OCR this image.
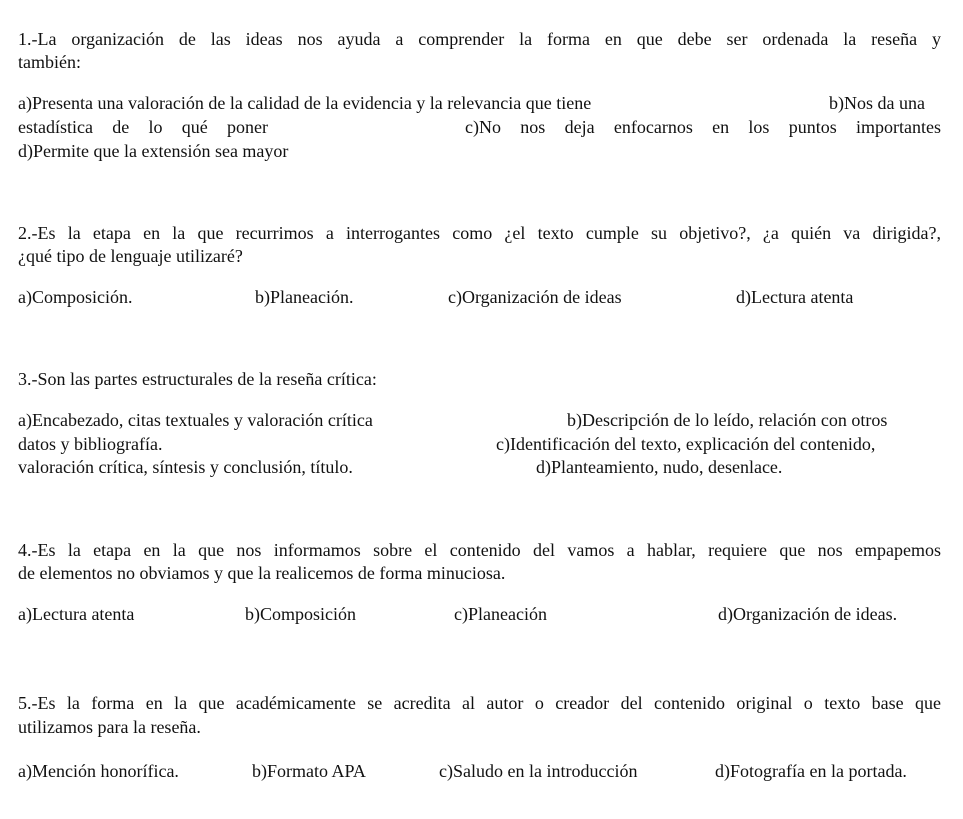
1.-La organización de las ideas nos ayuda a comprender la forma en que debe ser ordenada la reseña y
también:
a)Presenta una valoración de la calidad de la evidencia y la relevancia que tiene	b)Nos da una
estadística de lo qué poner	c)No nos deja enfocarnos en los puntos importantes
d)Permite que la extensión sea mayor
2.-Es la etapa en la que recurrimos a interrogantes como ¿el texto cumple su objetivo?, ¿a quién va dirigida?,
¿qué tipo de lenguaje utilizaré?
a)Composición.	b)Planeación.	c)Organización de ideas	d)Lectura atenta
3.-Son las partes estructurales de la reseña crítica:
a)Encabezado, citas textuales y valoración crítica	b)Descripción de lo leído, relación con otros
datos y bibliografía.	c)Identificación del texto, explicación del contenido,
valoración crítica, síntesis y conclusión, título.	d)Planteamiento, nudo, desenlace.
4.-Es la etapa en la que nos informamos sobre el contenido del vamos a hablar, requiere que nos empapemos
de elementos no obviamos y que la realicemos de forma minuciosa.
a)Lectura atenta	b)Composición	c)Planeación	d)Organización de ideas.
5.-Es la forma en la que académicamente se acredita al autor o creador del contenido original o texto base que
utilizamos para la reseña.
a)Mención honorífica.	b)Formato APA	c)Saludo en la introducción	d)Fotografía en la portada.
